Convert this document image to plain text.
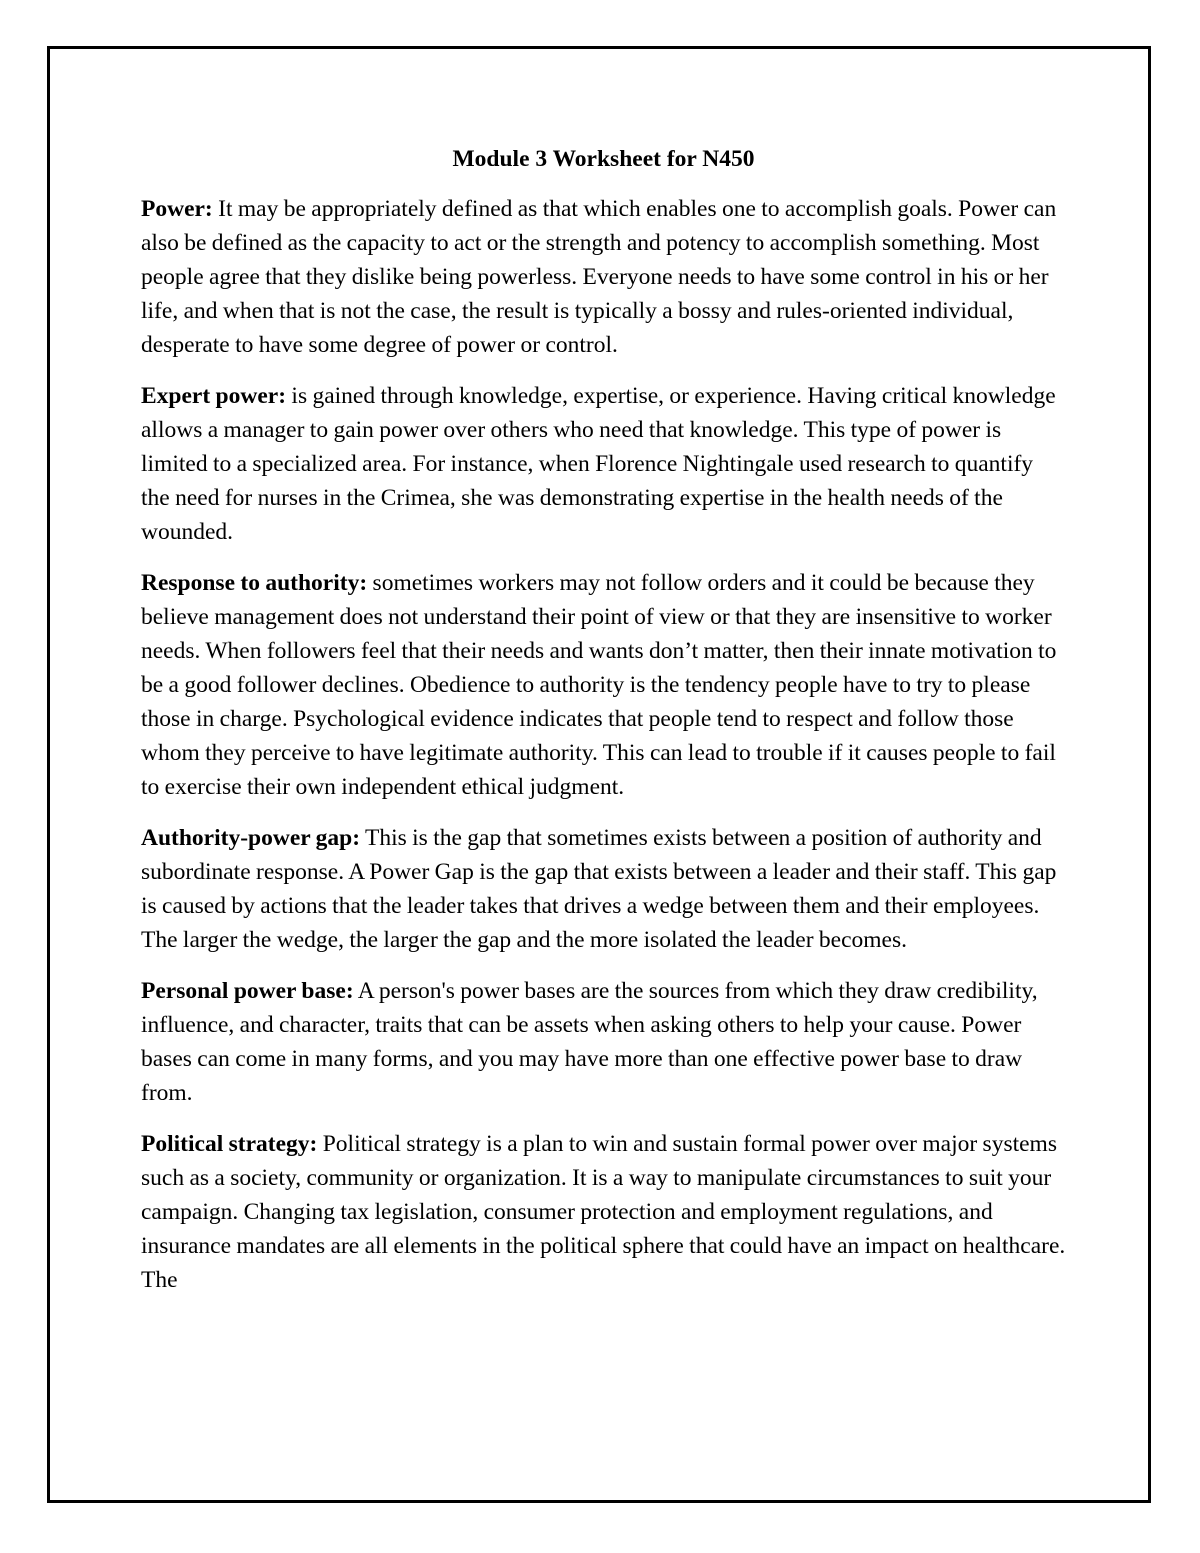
Module 3 Worksheet for N450

Power: It may be appropriately defined as that which enables one to accomplish goals. Power can also be defined as the capacity to act or the strength and potency to accomplish something. Most people agree that they dislike being powerless. Everyone needs to have some control in his or her life, and when that is not the case, the result is typically a bossy and rules-oriented individual, desperate to have some degree of power or control.

Expert power: is gained through knowledge, expertise, or experience. Having critical knowledge allows a manager to gain power over others who need that knowledge. This type of power is limited to a specialized area. For instance, when Florence Nightingale used research to quantify the need for nurses in the Crimea, she was demonstrating expertise in the health needs of the wounded.

Response to authority: sometimes workers may not follow orders and it could be because they believe management does not understand their point of view or that they are insensitive to worker needs. When followers feel that their needs and wants don’t matter, then their innate motivation to be a good follower declines. Obedience to authority is the tendency people have to try to please those in charge. Psychological evidence indicates that people tend to respect and follow those whom they perceive to have legitimate authority. This can lead to trouble if it causes people to fail to exercise their own independent ethical judgment.

Authority-power gap: This is the gap that sometimes exists between a position of authority and subordinate response. A Power Gap is the gap that exists between a leader and their staff. This gap is caused by actions that the leader takes that drives a wedge between them and their employees. The larger the wedge, the larger the gap and the more isolated the leader becomes.

Personal power base: A person's power bases are the sources from which they draw credibility, influence, and character, traits that can be assets when asking others to help your cause. Power bases can come in many forms, and you may have more than one effective power base to draw from.

Political strategy: Political strategy is a plan to win and sustain formal power over major systems such as a society, community or organization. It is a way to manipulate circumstances to suit your campaign. Changing tax legislation, consumer protection and employment regulations, and insurance mandates are all elements in the political sphere that could have an impact on healthcare. The
